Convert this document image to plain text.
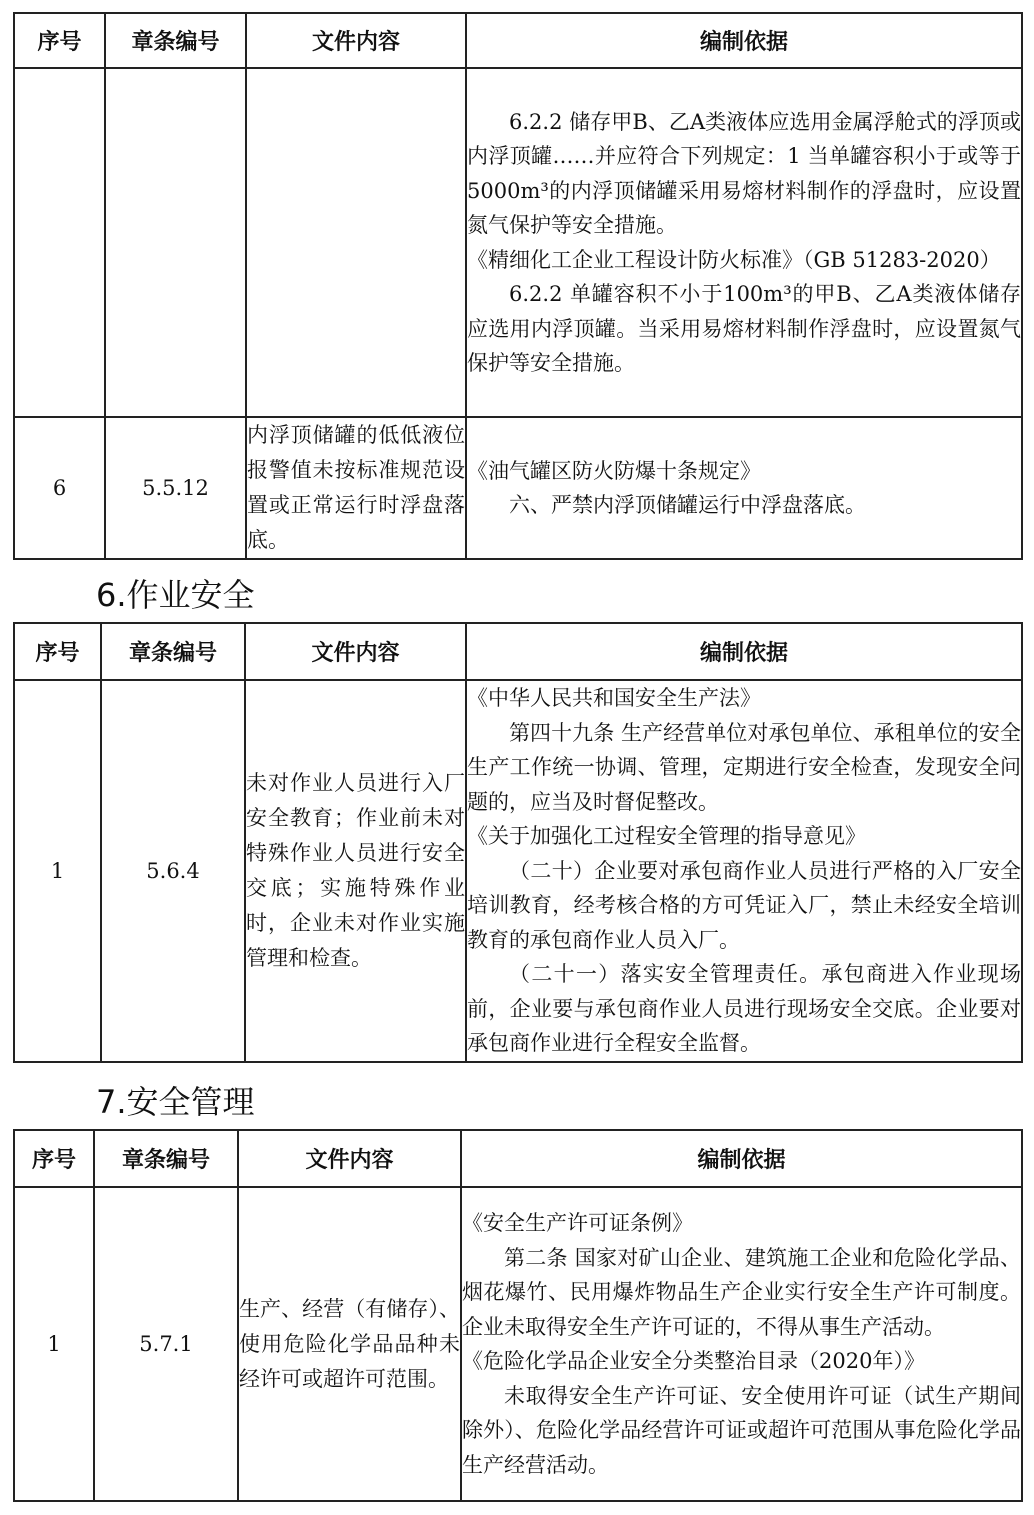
序号	章条编号	文件内容	编制依据

			6.2.2 储存甲B、乙A类液体应选用金属浮舱式的浮顶或内浮顶罐……并应符合下列规定：1 当单罐容积小于或等于5000m³的内浮顶储罐采用易熔材料制作的浮盘时，应设置氮气保护等安全措施。

《精细化工企业工程设计防火标准》（GB 51283-2020）

6.2.2 单罐容积不小于100m³的甲B、乙A类液体储存应选用内浮顶罐。当采用易熔材料制作浮盘时，应设置氮气保护等安全措施。

6	5.5.12	内浮顶储罐的低低液位报警值未按标准规范设置或正常运行时浮盘落底。	《油气罐区防火防爆十条规定》

六、严禁内浮顶储罐运行中浮盘落底。

6.作业安全
序号	章条编号	文件内容	编制依据
1	5.6.4	未对作业人员进行入厂安全教育；作业前未对特殊作业人员进行安全交底；实施特殊作业时，企业未对作业实施管理和检查。	《中华人民共和国安全生产法》

第四十九条 生产经营单位对承包单位、承租单位的安全生产工作统一协调、管理，定期进行安全检查，发现安全问题的，应当及时督促整改。

《关于加强化工过程安全管理的指导意见》

（二十）企业要对承包商作业人员进行严格的入厂安全培训教育，经考核合格的方可凭证入厂，禁止未经安全培训教育的承包商作业人员入厂。

（二十一）落实安全管理责任。承包商进入作业现场前，企业要与承包商作业人员进行现场安全交底。企业要对承包商作业进行全程安全监督。

7.安全管理
序号	章条编号	文件内容	编制依据
1	5.7.1	生产、经营（有储存）、使用危险化学品品种未经许可或超许可范围。	《安全生产许可证条例》

第二条 国家对矿山企业、建筑施工企业和危险化学品、烟花爆竹、民用爆炸物品生产企业实行安全生产许可制度。企业未取得安全生产许可证的，不得从事生产活动。

《危险化学品企业安全分类整治目录（2020年）》

未取得安全生产许可证、安全使用许可证（试生产期间除外）、危险化学品经营许可证或超许可范围从事危险化学品生产经营活动。
